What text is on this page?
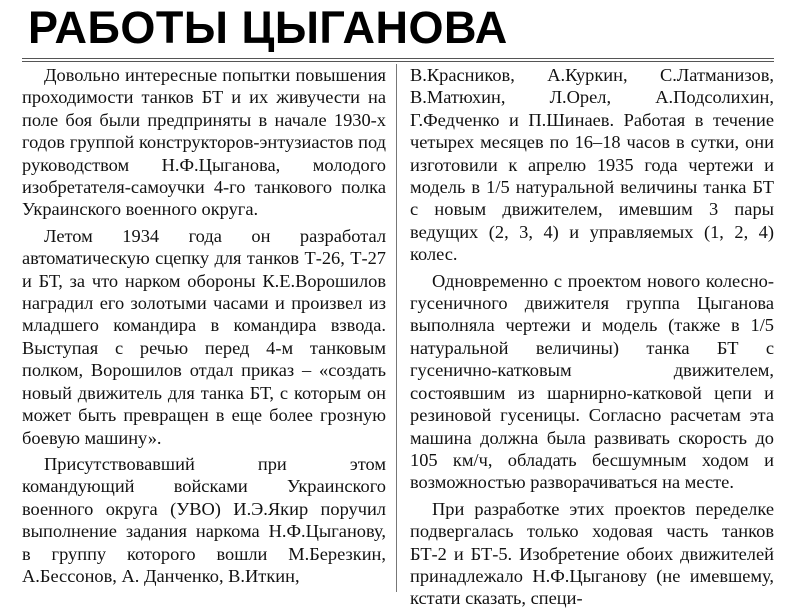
РАБОТЫ ЦЫГАНОВА

Довольно интересные попытки повышения проходимости танков БТ и их живучести на поле боя были предприняты в начале 1930-х годов группой конструкторов-энтузиастов под руководством Н.Ф.Цыганова, молодого изобретателя-самоучки 4-го танкового полка Украинского военного округа.

Летом 1934 года он разработал автоматическую сцепку для танков Т-26, Т-27 и БТ, за что нарком обороны К.Е.Ворошилов наградил его золотыми часами и произвел из младшего командира в командира взвода. Выступая с речью перед 4-м танковым полком, Ворошилов отдал приказ – «создать новый движитель для танка БТ, с которым он может быть превращен в еще более грозную боевую машину».

Присутствовавший при этом командующий войсками Украинского военного округа (УВО) И.Э.Якир поручил выполнение задания наркома Н.Ф.Цыганову, в группу которого вошли М.Березкин, А.Бессонов, А. Данченко, В.Иткин,

В.Красников, А.Куркин, С.Латманизов, В.Матюхин, Л.Орел, А.Подсолихин, Г.Федченко и П.Шинаев. Работая в течение четырех месяцев по 16–18 часов в сутки, они изготовили к апрелю 1935 года чертежи и модель в 1/5 натуральной величины танка БТ с новым движителем, имевшим 3 пары ведущих (2, 3, 4) и управляемых (1, 2, 4) колес.

Одновременно с проектом нового колесно-гусеничного движителя группа Цыганова выполняла чертежи и модель (также в 1/5 натуральной величины) танка БТ с гусенично-катковым движителем, состоявшим из шарнирно-катковой цепи и резиновой гусеницы. Согласно расчетам эта машина должна была развивать скорость до 105 км/ч, обладать бесшумным ходом и возможностью разворачиваться на месте.

При разработке этих проектов переделке подвергалась только ходовая часть танков БТ-2 и БТ-5. Изобретение обоих движителей принадлежало Н.Ф.Цыганову (не имевшему, кстати сказать, специ-
